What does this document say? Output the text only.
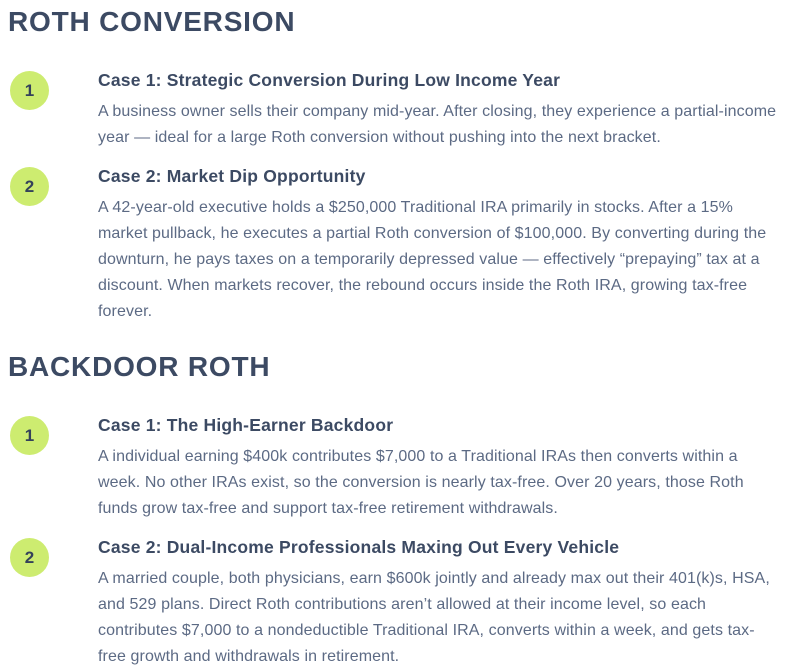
ROTH CONVERSION
1	Case 1: Strategic Conversion During Low Income Year

A business owner sells their company mid-year. After closing, they experience a partial-income year — ideal for a large Roth conversion without pushing into the next bracket.

2	Case 2: Market Dip Opportunity

A 42-year-old executive holds a $250,000 Traditional IRA primarily in stocks. After a 15% market pullback, he executes a partial Roth conversion of $100,000. By converting during the downturn, he pays taxes on a temporarily depressed value — effectively “prepaying” tax at a discount. When markets recover, the rebound occurs inside the Roth IRA, growing tax-free forever.

BACKDOOR ROTH
1	Case 1: The High-Earner Backdoor

A individual earning $400k contributes $7,000 to a Traditional IRAs then converts within a week. No other IRAs exist, so the conversion is nearly tax-free. Over 20 years, those Roth funds grow tax-free and support tax-free retirement withdrawals.

2	Case 2: Dual-Income Professionals Maxing Out Every Vehicle

A married couple, both physicians, earn $600k jointly and already max out their 401(k)s, HSA, and 529 plans. Direct Roth contributions aren’t allowed at their income level, so each contributes $7,000 to a nondeductible Traditional IRA, converts within a week, and gets tax-free growth and withdrawals in retirement.
